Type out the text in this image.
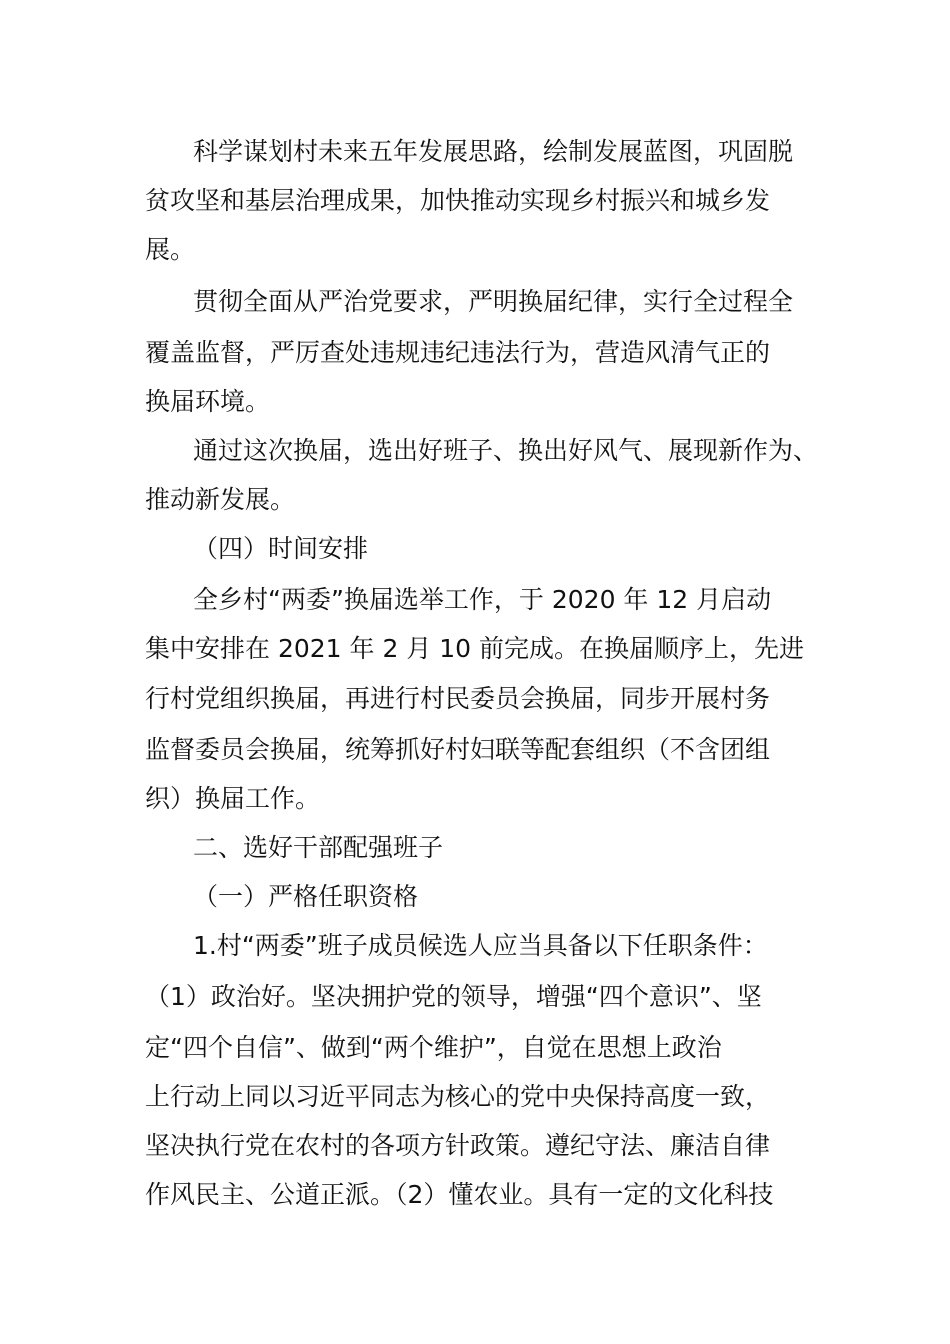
科学谋划村未来五年发展思路，绘制发展蓝图，巩固脱

贫攻坚和基层治理成果，加快推动实现乡村振兴和城乡发

展。

贯彻全面从严治党要求，严明换届纪律，实行全过程全

覆盖监督，严厉查处违规违纪违法行为，营造风清气正的

换届环境。

通过这次换届，选出好班子、换出好风气、展现新作为、

推动新发展。

（四）时间安排

全乡村“两委”换届选举工作，于 2020 年 12 月启动

集中安排在 2021 年 2 月 10 前完成。在换届顺序上，先进

行村党组织换届，再进行村民委员会换届，同步开展村务

监督委员会换届，统筹抓好村妇联等配套组织（不含团组

织）换届工作。

二、选好干部配强班子

（一）严格任职资格

1.村“两委”班子成员候选人应当具备以下任职条件：

（1）政治好。坚决拥护党的领导，增强“四个意识”、坚

定“四个自信”、做到“两个维护”，自觉在思想上政治

上行动上同以习近平同志为核心的党中央保持高度一致，

坚决执行党在农村的各项方针政策。遵纪守法、廉洁自律

作风民主、公道正派。（2）懂农业。具有一定的文化科技
